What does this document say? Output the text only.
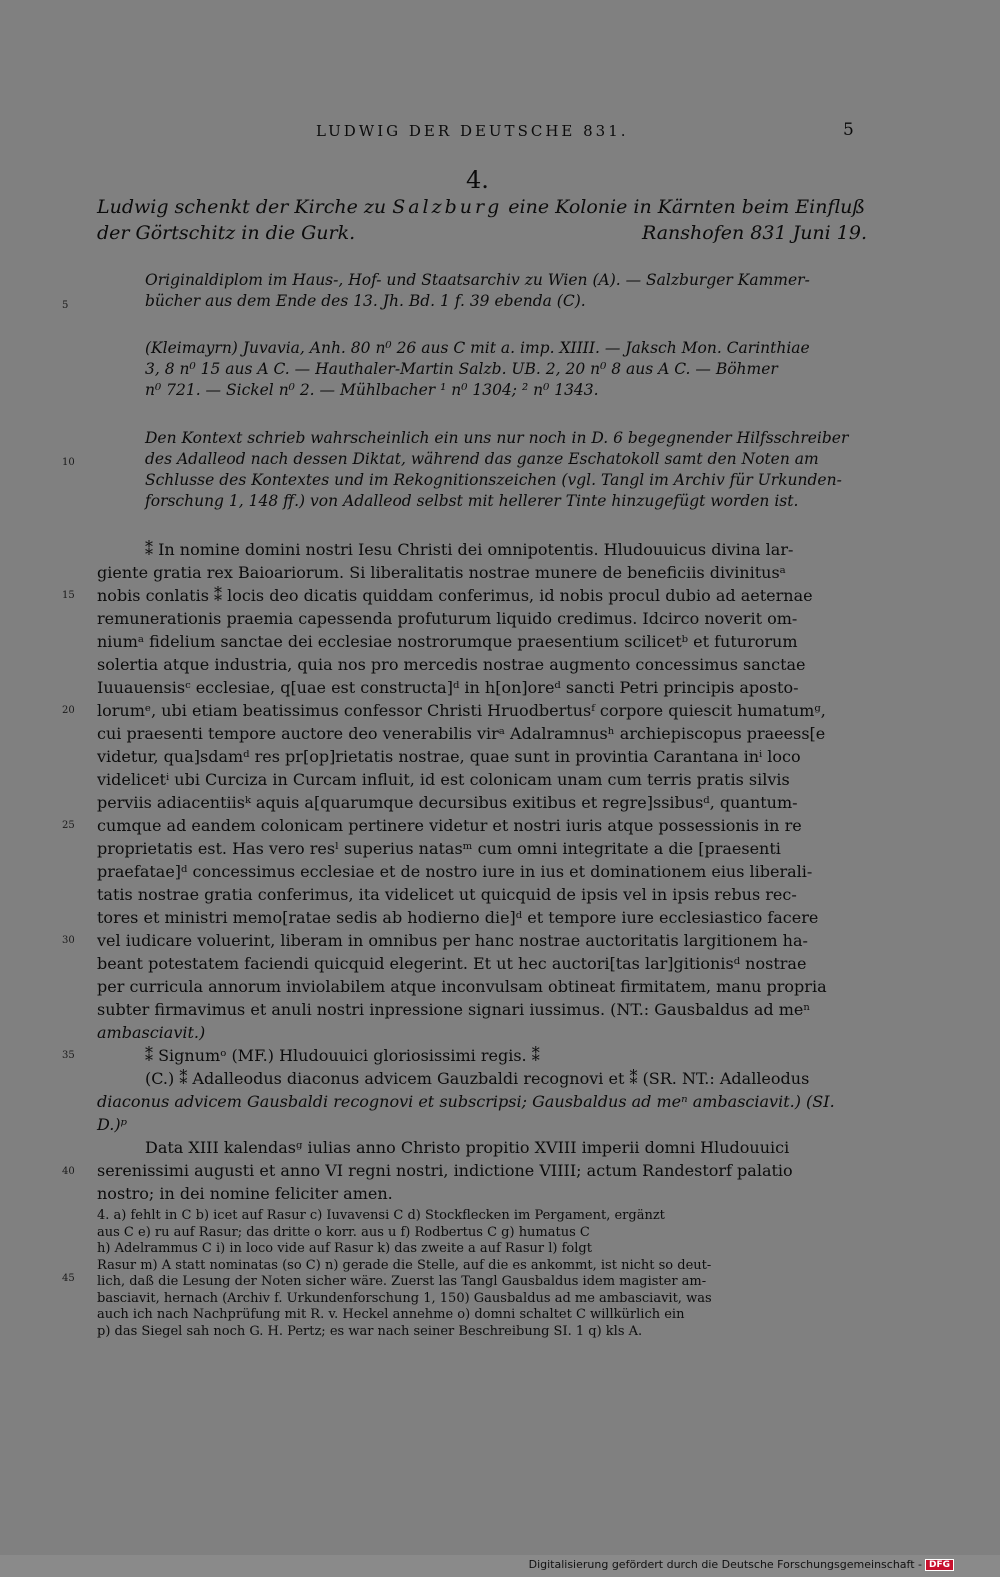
LUDWIG DER DEUTSCHE 831.	5
4.
Ludwig schenkt der Kirche zu Salzburg eine Kolonie in Kärnten beim Einfluß
der Görtschitz in die Gurk.	Ranshofen 831 Juni 19.
Originaldiplom im Haus-, Hof- und Staatsarchiv zu Wien (A). — Salzburger Kammer-
bücher aus dem Ende des 13. Jh. Bd. 1 f. 39 ebenda (C).
(Kleimayrn) Juvavia, Anh. 80 n⁰ 26 aus C mit a. imp. XIIII. — Jaksch Mon. Carinthiae
3, 8 n⁰ 15 aus A C. — Hauthaler-Martin Salzb. UB. 2, 20 n⁰ 8 aus A C. — Böhmer
n⁰ 721. — Sickel n⁰ 2. — Mühlbacher ¹ n⁰ 1304; ² n⁰ 1343.
Den Kontext schrieb wahrscheinlich ein uns nur noch in D. 6 begegnender Hilfsschreiber
des Adalleod nach dessen Diktat, während das ganze Eschatokoll samt den Noten am
Schlusse des Kontextes und im Rekognitionszeichen (vgl. Tangl im Archiv für Urkunden-
forschung 1, 148 ff.) von Adalleod selbst mit hellerer Tinte hinzugefügt worden ist.

⁑ In nomine domini nostri Iesu Christi dei omnipotentis. Hludouuicus divina lar-

giente gratia rex Baioariorum. Si liberalitatis nostrae munere de beneficiis divinitusᵃ

nobis conlatis ⁑ locis deo dicatis quiddam conferimus, id nobis procul dubio ad aeternae

remunerationis praemia capessenda profuturum liquido credimus. Idcirco noverit om-

niumᵃ fidelium sanctae dei ecclesiae nostrorumque praesentium scilicetᵇ et futurorum

solertia atque industria, quia nos pro mercedis nostrae augmento concessimus sanctae

Iuuauensisᶜ ecclesiae, q[uae est constructa]ᵈ in h[on]oreᵈ sancti Petri principis aposto-

lorumᵉ, ubi etiam beatissimus confessor Christi Hruodbertusᶠ corpore quiescit humatumᵍ,

cui praesenti tempore auctore deo venerabilis virᵃ Adalramnusʰ archiepiscopus praeess[e

videtur, qua]sdamᵈ res pr[op]rietatis nostrae, quae sunt in provintia Carantana inⁱ loco

videlicetⁱ ubi Curciza in Curcam influit, id est colonicam unam cum terris pratis silvis

perviis adiacentiisᵏ aquis a[quarumque decursibus exitibus et regre]ssibusᵈ, quantum-

cumque ad eandem colonicam pertinere videtur et nostri iuris atque possessionis in re

proprietatis est. Has vero resˡ superius natasᵐ cum omni integritate a die [praesenti

praefatae]ᵈ concessimus ecclesiae et de nostro iure in ius et dominationem eius liberali-

tatis nostrae gratia conferimus, ita videlicet ut quicquid de ipsis vel in ipsis rebus rec-

tores et ministri memo[ratae sedis ab hodierno die]ᵈ et tempore iure ecclesiastico facere

vel iudicare voluerint, liberam in omnibus per hanc nostrae auctoritatis largitionem ha-

beant potestatem faciendi quicquid elegerint. Et ut hec auctori[tas lar]gitionisᵈ nostrae

per curricula annorum inviolabilem atque inconvulsam obtineat firmitatem, manu propria

subter firmavimus et anuli nostri inpressione signari iussimus. (NT.: Gausbaldus ad meⁿ

ambasciavit.)

⁑ Signumᵒ (MF.) Hludouuici gloriosissimi regis. ⁑

(C.) ⁑ Adalleodus diaconus advicem Gauzbaldi recognovi et ⁑ (SR. NT.: Adalleodus

diaconus advicem Gausbaldi recognovi et subscripsi; Gausbaldus ad meⁿ ambasciavit.) (SI. D.)ᵖ

Data XIII kalendasᵍ iulias anno Christo propitio XVIII imperii domni Hludouuici

serenissimi augusti et anno VI regni nostri, indictione VIIII; actum Randestorf palatio

nostro; in dei nomine feliciter amen.

4. a) fehlt in C b) icet auf Rasur c) Iuvavensi C d) Stockflecken im Pergament, ergänzt
aus C e) ru auf Rasur; das dritte o korr. aus u f) Rodbertus C g) humatus C
h) Adelrammus C i) in loco vide auf Rasur k) das zweite a auf Rasur l) folgt
Rasur m) A statt nominatas (so C) n) gerade die Stelle, auf die es ankommt, ist nicht so deut-
lich, daß die Lesung der Noten sicher wäre. Zuerst las Tangl Gausbaldus idem magister am-
basciavit, hernach (Archiv f. Urkundenforschung 1, 150) Gausbaldus ad me ambasciavit, was
auch ich nach Nachprüfung mit R. v. Heckel annehme o) domni schaltet C willkürlich ein
p) das Siegel sah noch G. H. Pertz; es war nach seiner Beschreibung SI. 1 q) kls A.
5
10
15
20
25
30
35
40
45
Digitalisierung gefördert durch die Deutsche Forschungsgemeinschaft - DFG
